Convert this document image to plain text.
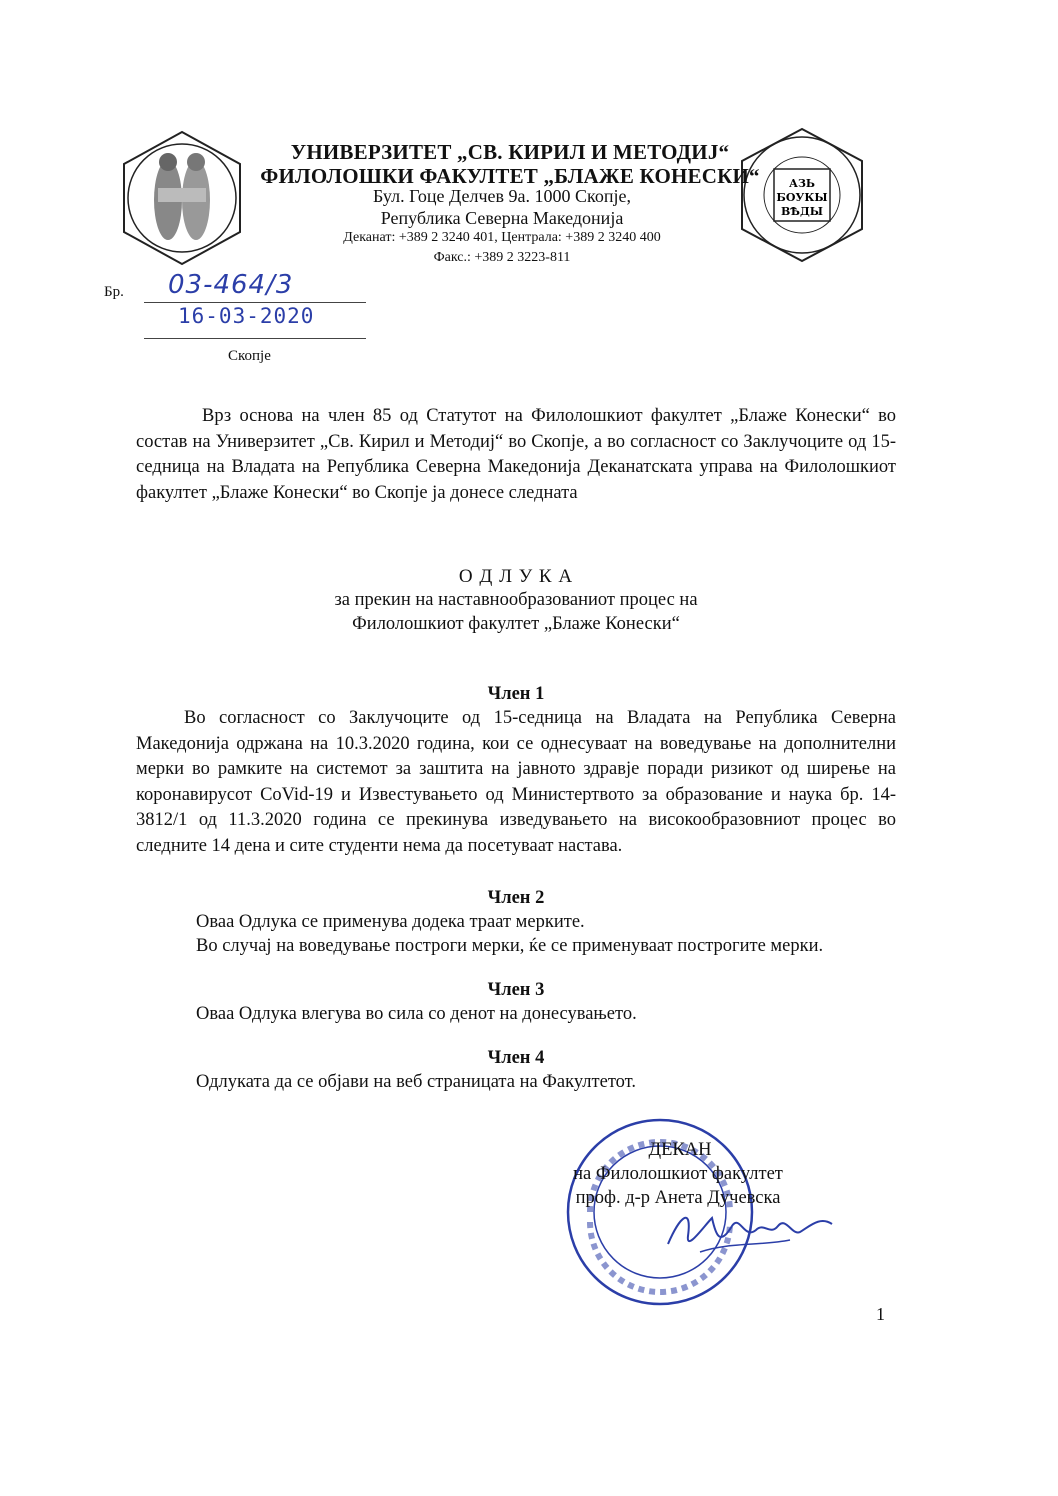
АЗЬ
БОУКЫ
ВѢДЫ
УНИВЕРЗИТЕТ „СВ. КИРИЛ И МЕТОДИЈ“
ФИЛОЛОШКИ ФАКУЛТЕТ „БЛАЖЕ КОНЕСКИ“
Бул. Гоце Делчев 9а. 1000 Скопје,
Република Северна Македонија
Деканат: +389 2 3240 401, Централа: +389 2 3240 400
Факс.: +389 2 3223-811
Бр. 03-464/3
16-03-2020
Скопје
Врз основа на член 85 од Статутот на Филолошкиот факултет „Блаже Конески“ во состав на Универзитет „Св. Кирил и Методиј“ во Скопје, а во согласност со Заклучоците од 15-седница на Владата на Република Северна Македонија Деканатската управа на Филолошкиот факултет „Блаже Конески“ во Скопје ја донесе следната
О Д Л У К А
за прекин на наставнообразованиот процес на
Филолошкиот факултет „Блаже Конески“
Член 1
Во согласност со Заклучоците од 15-седница на Владата на Република Северна Македонија одржана на 10.3.2020 година, кои се однесуваат на воведување на дополнителни мерки во рамките на системот за заштита на јавното здравје поради ризикот од ширење на коронавирусот CoVid-19 и Известувањето од Министертвото за образование и наука бр. 14-3812/1 од 11.3.2020 година се прекинува изведувањето на високообразовниот процес во следните 14 дена и сите студенти нема да посетуваат настава.
Член 2
Оваа Одлука се применува додека траат мерките.
Во случај на воведување построги мерки, ќе се применуваат построгите мерки.
Член 3
Оваа Одлука влегува во сила со денот на донесувањето.
Член 4
Одлуката да се објави на веб страницата на Факултетот.
ДЕКАН
на Филолошкиот факултет
проф. д-р Анета Дучевска
1
